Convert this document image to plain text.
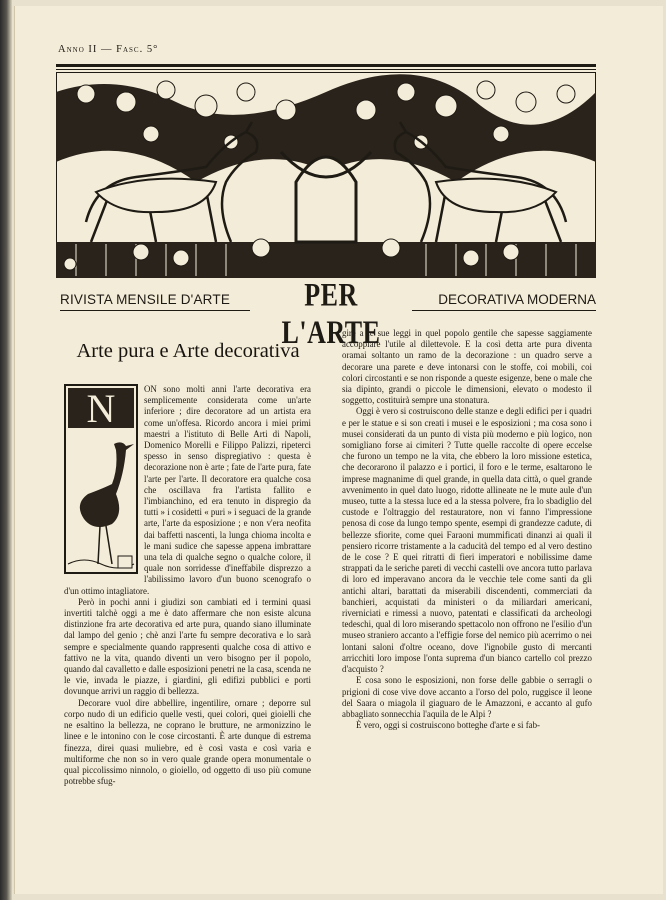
Anno II — Fasc. 5°
RIVISTA MENSILE D'ARTE	PER L'ARTE
DECORATIVA MODERNA
Arte pura e Arte decorativa
N	ON sono molti anni l'arte decorativa era semplicemente considerata come un'arte inferiore ; dire decoratore ad un artista era come un'offesa. Ricordo ancora i miei primi maestri a l'istituto di Belle Arti di Napoli, Domenico Morelli e Filippo Palizzi, ripeterci spesso in senso dispregiativo : questa è decorazione non è arte ; fate de l'arte pura, fate l'arte per l'arte. Il decoratore era qualche cosa che oscillava fra l'artista fallito e l'imbianchino, ed era tenuto in dispregio da tutti » i cosidetti « puri » i seguaci de la grande arte, l'arte da esposizione ; e non v'era neofita dai baffetti nascenti, la lunga chioma incolta e le mani sudice che sapesse appena imbrattare una tela di qualche segno o qualche colore, il quale non sorridesse d'ineffabile disprezzo a l'abilissimo lavoro d'un buono scenografo o d'un ottimo intagliatore.

Però in pochi anni i giudizi son cambiati ed i termini quasi invertiti talchè oggi a me è dato affermare che non esiste alcuna distinzione fra arte decorativa ed arte pura, quando siano illuminate dal lampo del genio ; chè anzi l'arte fu sempre decorativa e lo sarà sempre e specialmente quando rappresenti qualche cosa di attivo e fattivo ne la vita, quando diventi un vero bisogno per il popolo, quando dal cavalletto e dalle esposizioni penetri ne la casa, scenda ne le vie, invada le piazze, i giardini, gli edifizi pubblici e porti dovunque arrivi un raggio di bellezza.

Decorare vuol dire abbellire, ingentilire, ornare ; deporre sul corpo nudo di un edificio quelle vesti, quei colori, quei gioielli che ne esaltino la bellezza, ne coprano le brutture, ne armonizzino le linee e le intonino con le cose circostanti. È arte dunque di estrema finezza, direi quasi muliebre, ed è così vasta e così varia e multiforme che non so in vero quale grande opera monumentale o qual piccolissimo ninnolo, o gioiello, od oggetto di uso più comune potrebbe sfug-

gire a le sue leggi in quel popolo gentile che sapesse saggiamente accoppiare l'utile al dilettevole. E la così detta arte pura diventa oramai soltanto un ramo de la decorazione : un quadro serve a decorare una parete e deve intonarsi con le stoffe, coi mobili, coi colori circostanti e se non risponde a queste esigenze, bene o male che sia dipinto, grandi o piccole le dimensioni, elevato o modesto il soggetto, costituirà sempre una stonatura.

Oggi è vero si costruiscono delle stanze e degli edifici per i quadri e per le statue e si son creati i musei e le esposizioni ; ma cosa sono i musei considerati da un punto di vista più moderno e più logico, non somigliano forse ai cimiteri ? Tutte quelle raccolte di opere eccelse che furono un tempo ne la vita, che ebbero la loro missione estetica, che decorarono il palazzo e i portici, il foro e le terme, esaltarono le imprese magnanime di quel grande, in quella data città, o quel grande avvenimento in quel dato luogo, ridotte allineate ne le mute aule d'un museo, tutte a la stessa luce ed a la stessa polvere, fra lo sbadiglio del custode e l'oltraggio del restauratore, non vi fanno l'impressione penosa di cose da lungo tempo spente, esempi di grandezze cadute, di bellezze sfiorite, come quei Faraoni mummificati dinanzi ai quali il pensiero ricorre tristamente a la caducità del tempo ed al vero destino de le cose ? E quei ritratti di fieri imperatori e nobilissime dame strappati da le seriche pareti di vecchi castelli ove ancora tutto parlava di loro ed imperavano ancora da le vecchie tele come santi da gli antichi altari, barattati da miserabili discendenti, commerciati da banchieri, acquistati da ministeri o da miliardari americani, riverniciati e rimessi a nuovo, patentati e classificati da archeologi tedeschi, qual di loro miserando spettacolo non offrono ne l'esilio d'un museo straniero accanto a l'effigie forse del nemico più acerrimo o nei lontani saloni d'oltre oceano, dove l'ignobile gusto di mercanti arricchiti loro impose l'onta suprema d'un bianco cartello col prezzo d'acquisto ?

E cosa sono le esposizioni, non forse delle gabbie o serragli o prigioni di cose vive dove accanto a l'orso del polo, ruggisce il leone del Saara o miagola il giaguaro de le Amazzoni, e accanto al gufo abbagliato sonnecchia l'aquila de le Alpi ?

È vero, oggi si costruiscono botteghe d'arte e si fab-
